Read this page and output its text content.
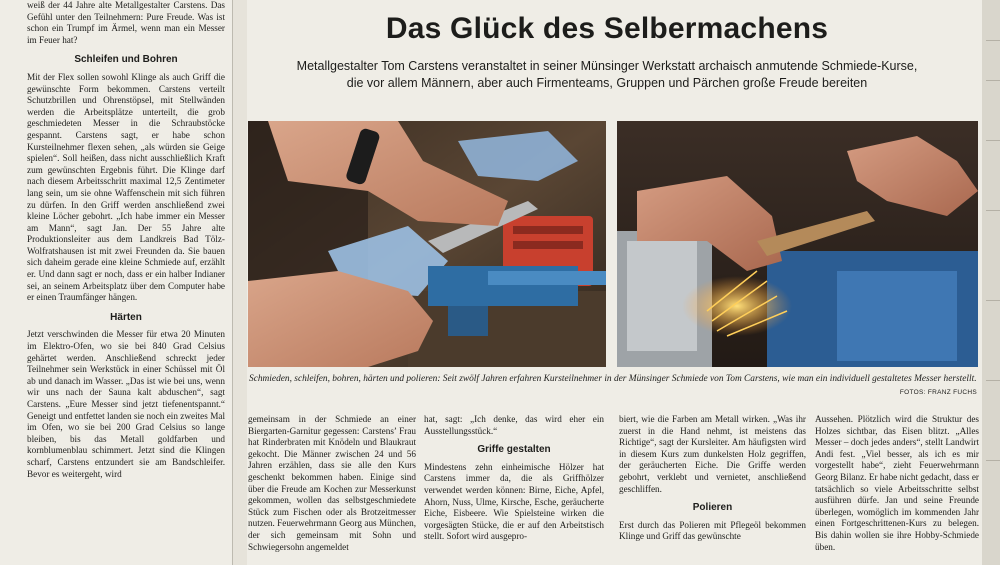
weiß der 44 Jahre alte Metallgestalter Carstens. Das Gefühl unter den Teilnehmern: Pure Freude. Was ist schon ein Trumpf im Ärmel, wenn man ein Messer im Feuer hat?

Schleifen und Bohren

Mit der Flex sollen sowohl Klinge als auch Griff die gewünschte Form bekommen. Carstens verteilt Schutzbrillen und Ohrenstöpsel, mit Stellwänden werden die Arbeitsplätze unterteilt, die grob geschmiedeten Messer in die Schraubstöcke gespannt. Carstens sagt, er habe schon Kursteilnehmer flexen sehen, „als würden sie Geige spielen“. Soll heißen, dass nicht ausschließlich Kraft zum gewünschten Ergebnis führt. Die Klinge darf nach diesem Arbeitsschritt maximal 12,5 Zentimeter lang sein, um sie ohne Waffenschein mit sich führen zu dürfen. In den Griff werden anschließend zwei kleine Löcher gebohrt. „Ich habe immer ein Messer am Mann“, sagt Jan. Der 55 Jahre alte Produktionsleiter aus dem Landkreis Bad Tölz-Wolfratshausen ist mit zwei Freunden da. Sie bauen sich daheim gerade eine kleine Schmiede auf, erzählt er. Und dann sagt er noch, dass er ein halber Indianer sei, an seinem Arbeitsplatz über dem Computer habe er einen Traumfänger hängen.

Härten

Jetzt verschwinden die Messer für etwa 20 Minuten im Elektro-Ofen, wo sie bei 840 Grad Celsius gehärtet werden. Anschließend schreckt jeder Teilnehmer sein Werkstück in einer Schüssel mit Öl ab und danach im Wasser. „Das ist wie bei uns, wenn wir uns nach der Sauna kalt abduschen“, sagt Carstens. „Eure Messer sind jetzt tiefenentspannt.“ Geneigt und entfettet landen sie noch ein zweites Mal im Ofen, wo sie bei 200 Grad Celsius so lange bleiben, bis das Metall goldfarben und kornblumenblau schimmert. Jetzt sind die Klingen scharf, Carstens entzundert sie am Bandschleifer. Bevor es weitergeht, wird

Das Glück des Selbermachens
Metallgestalter Tom Carstens veranstaltet in seiner Münsinger Werkstatt archaisch anmutende Schmiede-Kurse,
die vor allem Männern, aber auch Firmenteams, Gruppen und Pärchen große Freude bereiten
Schmieden, schleifen, bohren, härten und polieren: Seit zwölf Jahren erfahren Kursteilnehmer in der Münsinger Schmiede von Tom Carstens, wie man ein individuell gestaltetes Messer herstellt.
FOTOS: FRANZ FUCHS

gemeinsam in der Schmiede an einer Biergarten-Garnitur gegessen: Carstens’ Frau hat Rinderbraten mit Knödeln und Blaukraut gekocht. Die Männer zwischen 24 und 56 Jahren erzählen, dass sie alle den Kurs geschenkt bekommen haben. Einige sind über die Freude am Kochen zur Messerkunst gekommen, wollen das selbstgeschmiedete Stück zum Fischen oder als Brotzeitmesser nutzen. Feuerwehrmann Georg aus München, der sich gemeinsam mit Sohn und Schwiegersohn angemeldet

hat, sagt: „Ich denke, das wird eher ein Ausstellungsstück.“

Griffe gestalten

Mindestens zehn einheimische Hölzer hat Carstens immer da, die als Griffhölzer verwendet werden können: Birne, Eiche, Apfel, Ahorn, Nuss, Ulme, Kirsche, Esche, geräucherte Eiche, Eisbeere. Wie Spielsteine wirken die vorgesägten Stücke, die er auf den Arbeitstisch stellt. Sofort wird ausgepro-

biert, wie die Farben am Metall wirken. „Was ihr zuerst in die Hand nehmt, ist meistens das Richtige“, sagt der Kursleiter. Am häufigsten wird in diesem Kurs zum dunkelsten Holz gegriffen, der geräucherten Eiche. Die Griffe werden gebohrt, verklebt und vernietet, anschließend geschliffen.

Polieren

Erst durch das Polieren mit Pflegeöl bekommen Klinge und Griff das gewünschte

Aussehen. Plötzlich wird die Struktur des Holzes sichtbar, das Eisen blitzt. „Alles Messer – doch jedes anders“, stellt Landwirt Andi fest. „Viel besser, als ich es mir vorgestellt habe“, zieht Feuerwehrmann Georg Bilanz. Er habe nicht gedacht, dass er tatsächlich so viele Arbeitsschritte selbst ausführen dürfe. Jan und seine Freunde überlegen, womöglich im kommenden Jahr einen Fortgeschrittenen-Kurs zu belegen. Bis dahin wollen sie ihre Hobby-Schmiede üben.
